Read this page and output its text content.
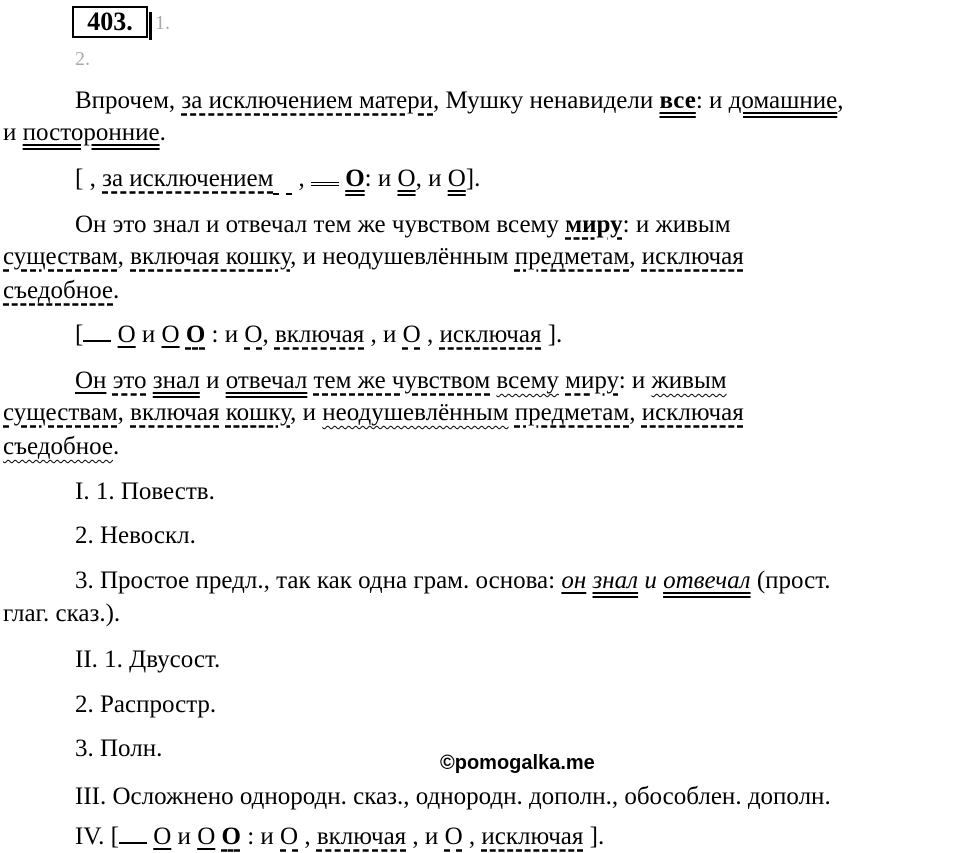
403.	1.
2.
Впрочем, за исключением матери, Мушку ненавидели все: и домашние,
и посторонние.
[ , за исключением    ,  O: и O, и O].
Он это знал и отвечал тем же чувством всему миру: и живым
существам, включая кошку, и неодушевлённым предметам, исключая
съедобное.
[ O и O O : и O, включая , и O , исключая ].
Он это знал и отвечал тем же чувством всему миру: и живым
существам, включая кошку, и неодушевлённым предметам, исключая
съедобное.
I. 1. Повеств.
2. Невоскл.
3. Простое предл., так как одна грам. основа: он знал и отвечал (прост.
глаг. сказ.).
II. 1. Двусост.
2. Распростр.
3. Полн.
©pomogalka.me
III. Осложнено однородн. сказ., однородн. дополн., обособлен. дополн.
IV. [ O и O O : и O , включая , и O , исключая ].
